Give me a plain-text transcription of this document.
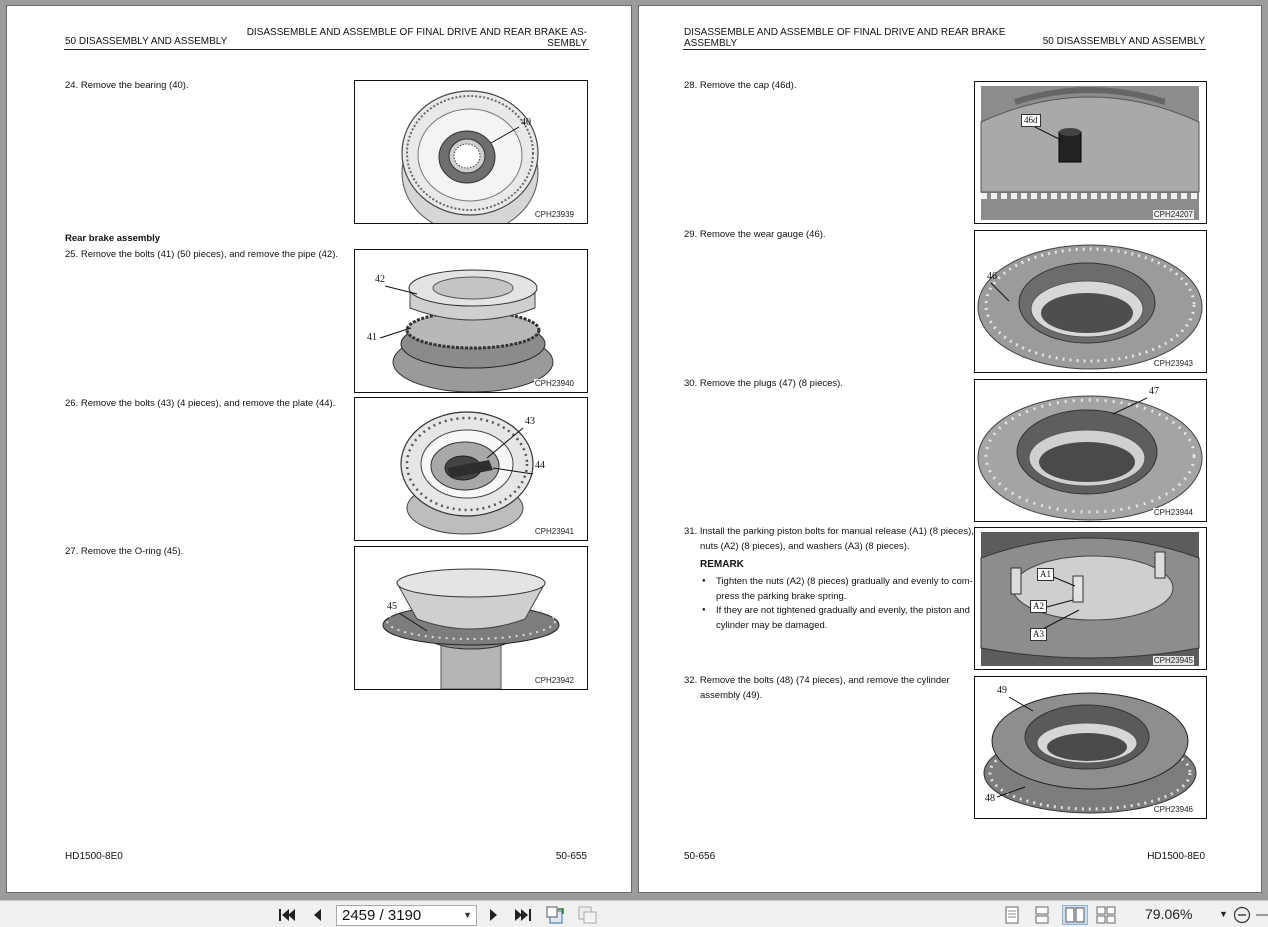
50 DISASSEMBLY AND ASSEMBLY
DISASSEMBLE AND ASSEMBLE OF FINAL DRIVE AND REAR BRAKE AS-
SEMBLY
24. Remove the bearing (40).
Rear brake assembly
25. Remove the bolts (41) (50 pieces), and remove the pipe (42).
26. Remove the bolts (43) (4 pieces), and remove the plate (44).
27. Remove the O-ring (45).
40
CPH23939
42
41
CPH23940
43
44
CPH23941
45
CPH23942
HD1500-8E0	50-655
DISASSEMBLE AND ASSEMBLE OF FINAL DRIVE AND REAR BRAKE
ASSEMBLY	50 DISASSEMBLY AND ASSEMBLY
28. Remove the cap (46d).
29. Remove the wear gauge (46).
30. Remove the plugs (47) (8 pieces).
31. Install the parking piston bolts for manual release (A1) (8 pieces),
nuts (A2) (8 pieces), and washers (A3) (8 pieces).
REMARK
● Tighten the nuts (A2) (8 pieces) gradually and evenly to com-
press the parking brake spring.
● If they are not tightened gradually and evenly, the piston and
cylinder may be damaged.
32. Remove the bolts (48) (74 pieces), and remove the cylinder
assembly (49).
46d
CPH24207
46
CPH23943
47
CPH23944
A1
A2
A3
CPH23945
49
48
CPH23946
50-656	HD1500-8E0
2459 / 3190	▼	79.06%	▼
